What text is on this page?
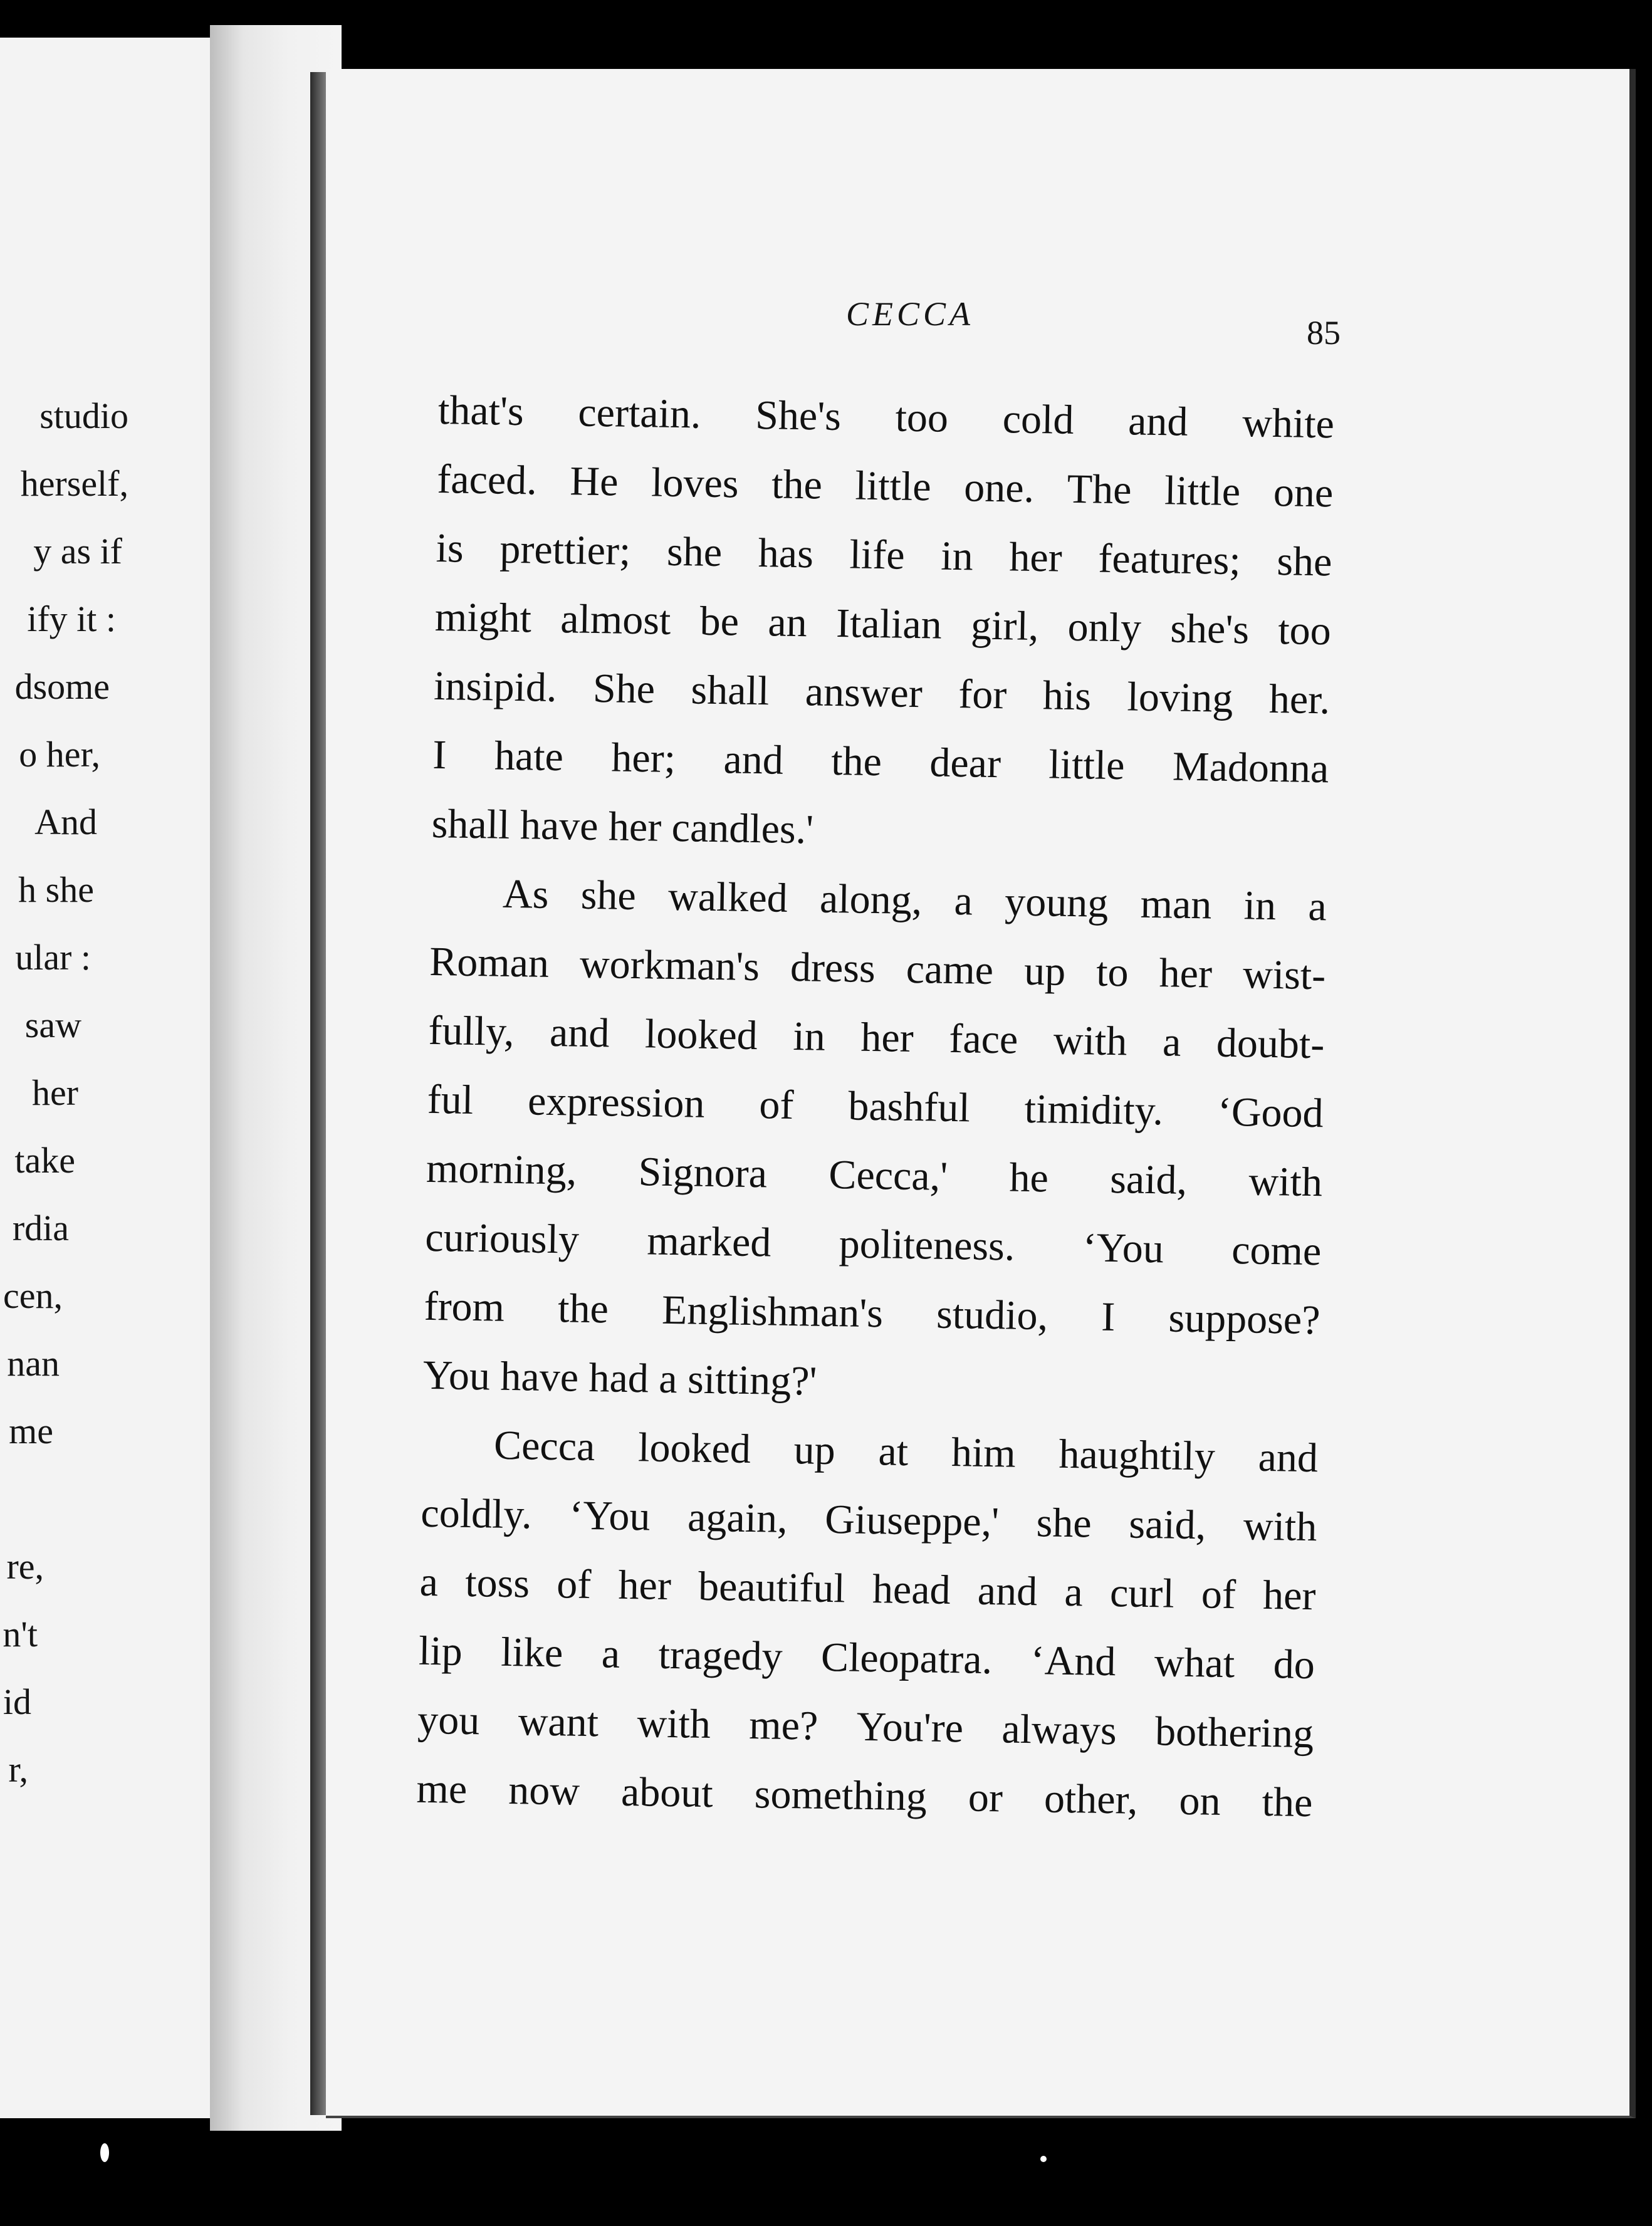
studio
herself,
y as if
ify it :
dsome
o her,
And
h she
ular :
saw
her
take
rdia
cen,
nan
me
re,
n't
id
r,
CECCA	85
that's certain. She's too cold and white
faced. He loves the little one. The little one
is prettier; she has life in her features; she
might almost be an Italian girl, only she's too
insipid. She shall answer for his loving her.
I hate her; and the dear little Madonna
shall
have
her
candles.'
As she walked along, a young man in a
Roman workman's dress came up to her wist-
fully, and looked in her face with a doubt-
ful expression of bashful timidity. ‘Good
morning, Signora Cecca,' he said, with
curiously marked politeness. ‘You come
from the Englishman's studio, I suppose?
You
have
had
a
sitting?'
Cecca looked up at him haughtily and
coldly. ‘You again, Giuseppe,' she said, with
a toss of her beautiful head and a curl of her
lip like a tragedy Cleopatra. ‘And what do
you want with me? You're always bothering
me now about something or other, on the
